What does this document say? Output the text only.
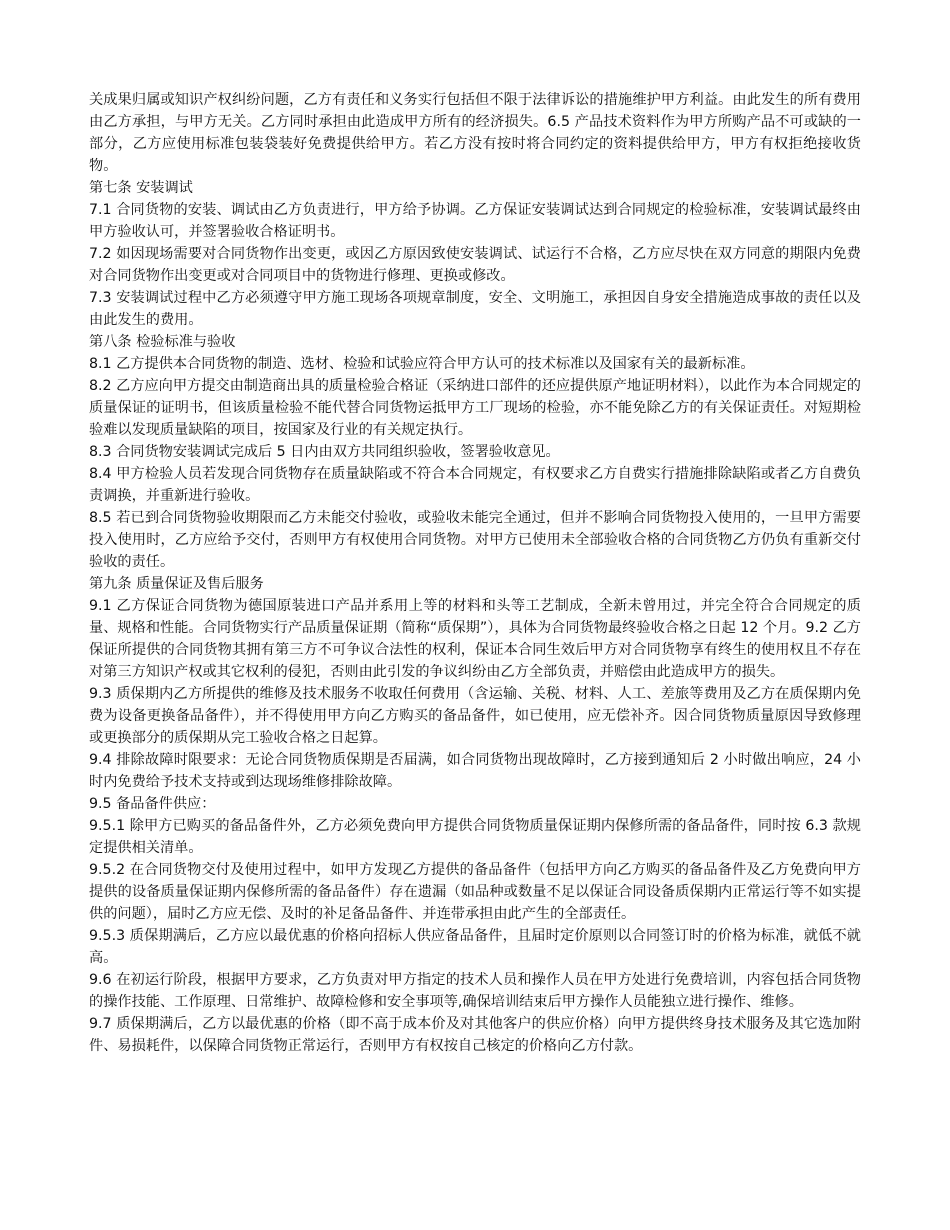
关成果归属或知识产权纠纷问题，乙方有责任和义务实行包括但不限于法律诉讼的措施维护甲方利益。由此发生的所有费用由乙方承担，与甲方无关。乙方同时承担由此造成甲方所有的经济损失。6.5 产品技术资料作为甲方所购产品不可或缺的一部分，乙方应使用标准包装袋装好免费提供给甲方。若乙方没有按时将合同约定的资料提供给甲方，甲方有权拒绝接收货物。

第七条 安装调试

7.1 合同货物的安装、调试由乙方负责进行，甲方给予协调。乙方保证安装调试达到合同规定的检验标准，安装调试最终由甲方验收认可，并签署验收合格证明书。

7.2 如因现场需要对合同货物作出变更，或因乙方原因致使安装调试、试运行不合格，乙方应尽快在双方同意的期限内免费对合同货物作出变更或对合同项目中的货物进行修理、更换或修改。

7.3 安装调试过程中乙方必须遵守甲方施工现场各项规章制度，安全、文明施工，承担因自身安全措施造成事故的责任以及由此发生的费用。

第八条 检验标准与验收

8.1 乙方提供本合同货物的制造、选材、检验和试验应符合甲方认可的技术标准以及国家有关的最新标准。

8.2 乙方应向甲方提交由制造商出具的质量检验合格证（采纳进口部件的还应提供原产地证明材料），以此作为本合同规定的质量保证的证明书，但该质量检验不能代替合同货物运抵甲方工厂现场的检验，亦不能免除乙方的有关保证责任。对短期检验难以发现质量缺陷的项目，按国家及行业的有关规定执行。

8.3 合同货物安装调试完成后 5 日内由双方共同组织验收，签署验收意见。

8.4 甲方检验人员若发现合同货物存在质量缺陷或不符合本合同规定，有权要求乙方自费实行措施排除缺陷或者乙方自费负责调换，并重新进行验收。

8.5 若已到合同货物验收期限而乙方未能交付验收，或验收未能完全通过，但并不影响合同货物投入使用的，一旦甲方需要投入使用时，乙方应给予交付，否则甲方有权使用合同货物。对甲方已使用未全部验收合格的合同货物乙方仍负有重新交付验收的责任。

第九条 质量保证及售后服务

9.1 乙方保证合同货物为德国原装进口产品并系用上等的材料和头等工艺制成，全新未曾用过，并完全符合合同规定的质量、规格和性能。合同货物实行产品质量保证期（简称“质保期”），具体为合同货物最终验收合格之日起 12 个月。9.2 乙方保证所提供的合同货物其拥有第三方不可争议合法性的权利，保证本合同生效后甲方对合同货物享有终生的使用权且不存在对第三方知识产权或其它权利的侵犯，否则由此引发的争议纠纷由乙方全部负责，并赔偿由此造成甲方的损失。

9.3 质保期内乙方所提供的维修及技术服务不收取任何费用（含运输、关税、材料、人工、差旅等费用及乙方在质保期内免费为设备更换备品备件），并不得使用甲方向乙方购买的备品备件，如已使用，应无偿补齐。因合同货物质量原因导致修理或更换部分的质保期从完工验收合格之日起算。

9.4 排除故障时限要求：无论合同货物质保期是否届满，如合同货物出现故障时，乙方接到通知后 2 小时做出响应，24 小时内免费给予技术支持或到达现场维修排除故障。

9.5 备品备件供应：

9.5.1 除甲方已购买的备品备件外，乙方必须免费向甲方提供合同货物质量保证期内保修所需的备品备件，同时按 6.3 款规定提供相关清单。

9.5.2 在合同货物交付及使用过程中，如甲方发现乙方提供的备品备件（包括甲方向乙方购买的备品备件及乙方免费向甲方提供的设备质量保证期内保修所需的备品备件）存在遗漏（如品种或数量不足以保证合同设备质保期内正常运行等不如实提供的问题），届时乙方应无偿、及时的补足备品备件、并连带承担由此产生的全部责任。

9.5.3 质保期满后，乙方应以最优惠的价格向招标人供应备品备件，且届时定价原则以合同签订时的价格为标准，就低不就高。

9.6 在初运行阶段，根据甲方要求，乙方负责对甲方指定的技术人员和操作人员在甲方处进行免费培训，内容包括合同货物的操作技能、工作原理、日常维护、故障检修和安全事项等,确保培训结束后甲方操作人员能独立进行操作、维修。

9.7 质保期满后，乙方以最优惠的价格（即不高于成本价及对其他客户的供应价格）向甲方提供终身技术服务及其它选加附件、易损耗件，以保障合同货物正常运行，否则甲方有权按自己核定的价格向乙方付款。
